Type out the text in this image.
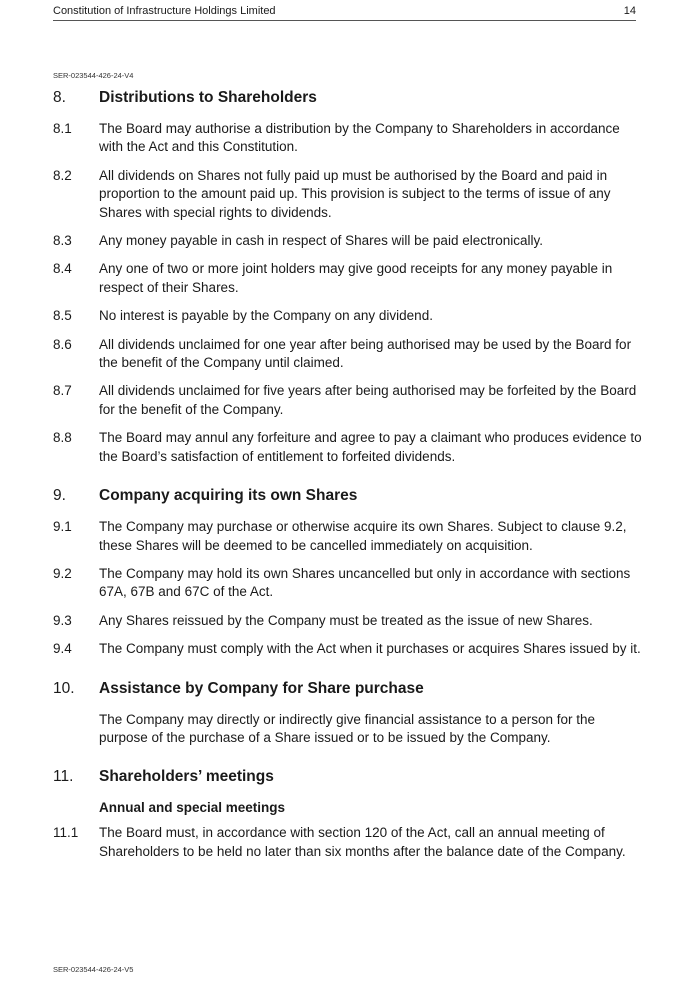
Constitution of Infrastructure Holdings Limited	14
SER-023544-426-24-V4
8. Distributions to Shareholders
8.1 The Board may authorise a distribution by the Company to Shareholders in accordance with the Act and this Constitution.
8.2 All dividends on Shares not fully paid up must be authorised by the Board and paid in proportion to the amount paid up. This provision is subject to the terms of issue of any Shares with special rights to dividends.
8.3 Any money payable in cash in respect of Shares will be paid electronically.
8.4 Any one of two or more joint holders may give good receipts for any money payable in respect of their Shares.
8.5 No interest is payable by the Company on any dividend.
8.6 All dividends unclaimed for one year after being authorised may be used by the Board for the benefit of the Company until claimed.
8.7 All dividends unclaimed for five years after being authorised may be forfeited by the Board for the benefit of the Company.
8.8 The Board may annul any forfeiture and agree to pay a claimant who produces evidence to the Board’s satisfaction of entitlement to forfeited dividends.
9. Company acquiring its own Shares
9.1 The Company may purchase or otherwise acquire its own Shares. Subject to clause 9.2, these Shares will be deemed to be cancelled immediately on acquisition.
9.2 The Company may hold its own Shares uncancelled but only in accordance with sections 67A, 67B and 67C of the Act.
9.3 Any Shares reissued by the Company must be treated as the issue of new Shares.
9.4 The Company must comply with the Act when it purchases or acquires Shares issued by it.
10. Assistance by Company for Share purchase
The Company may directly or indirectly give financial assistance to a person for the purpose of the purchase of a Share issued or to be issued by the Company.
11. Shareholders’ meetings
Annual and special meetings
11.1 The Board must, in accordance with section 120 of the Act, call an annual meeting of Shareholders to be held no later than six months after the balance date of the Company.
SER-023544-426-24-V5
